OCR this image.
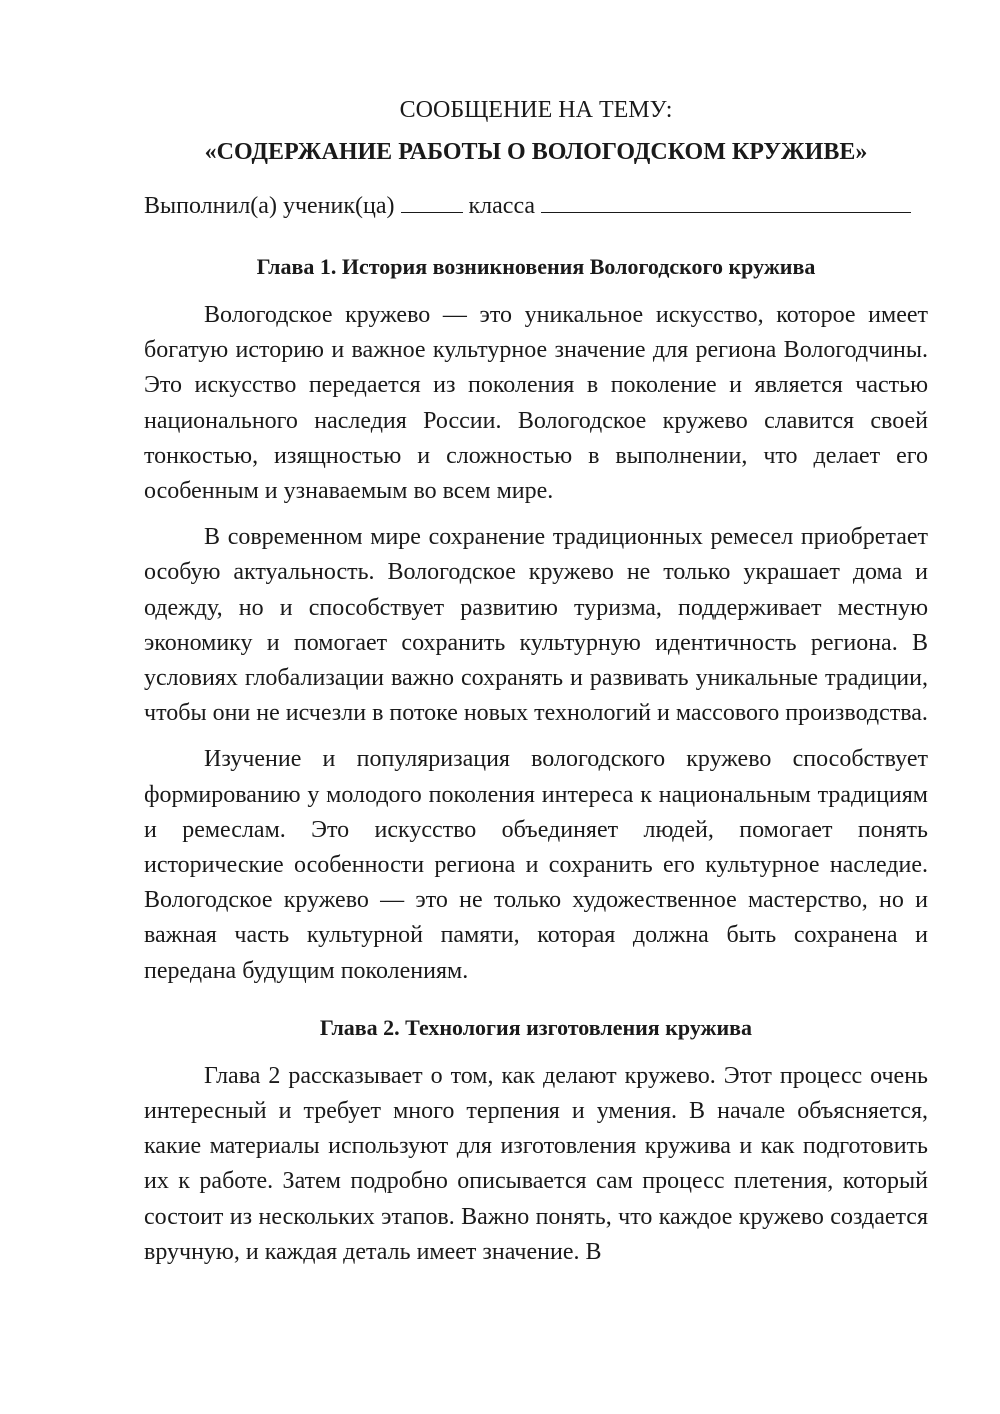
СООБЩЕНИЕ НА ТЕМУ:

«СОДЕРЖАНИЕ РАБОТЫ О ВОЛОГОДСКОМ КРУЖИВЕ»

Выполнил(а) ученик(ца)	класса

Глава 1. История возникновения Вологодского кружива

Вологодское кружево — это уникальное искусство, которое имеет богатую историю и важное культурное значение для региона Вологодчины. Это искусство передается из поколения в поколение и является частью национального наследия России. Вологодское кружево славится своей тонкостью, изящностью и сложностью в выполнении, что делает его особенным и узнаваемым во всем мире.

В современном мире сохранение традиционных ремесел приобретает особую актуальность. Вологодское кружево не только украшает дома и одежду, но и способствует развитию туризма, поддерживает местную экономику и помогает сохранить культурную идентичность региона. В условиях глобализации важно сохранять и развивать уникальные традиции, чтобы они не исчезли в потоке новых технологий и массового производства.

Изучение и популяризация вологодского кружево способствует формированию у молодого поколения интереса к национальным традициям и ремеслам. Это искусство объединяет людей, помогает понять исторические особенности региона и сохранить его культурное наследие. Вологодское кружево — это не только художественное мастерство, но и важная часть культурной памяти, которая должна быть сохранена и передана будущим поколениям.

Глава 2. Технология изготовления кружива

Глава 2 рассказывает о том, как делают кружево. Этот процесс очень интересный и требует много терпения и умения. В начале объясняется, какие материалы используют для изготовления кружива и как подготовить их к работе. Затем подробно описывается сам процесс плетения, который состоит из нескольких этапов. Важно понять, что каждое кружево создается вручную, и каждая деталь имеет значение. В
